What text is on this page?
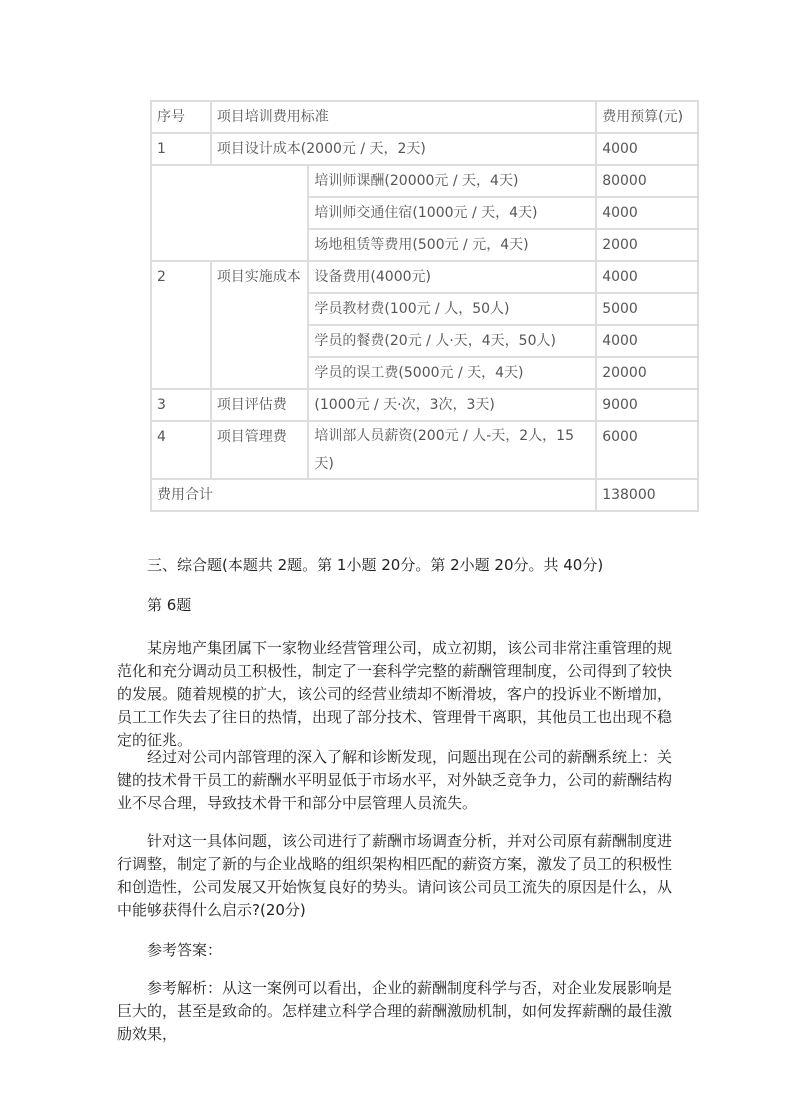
序号	项目培训费用标准		费用预算(元)
1	项目设计成本(2000元 / 天，2天)		4000
		培训师课酬(20000元 / 天，4天)	80000
		培训师交通住宿(1000元 / 天，4天)	4000
		场地租赁等费用(500元 / 元，4天)	2000
2	项目实施成本	设备费用(4000元)	4000
		学员教材费(100元 / 人，50人)	5000
		学员的餐费(20元 / 人·天，4天，50人)	4000
		学员的误工费(5000元 / 天，4天)	20000
3	项目评估费	(1000元 / 天·次，3次，3天)	9000
4	项目管理费	培训部人员薪资(200元 / 人-天，2人，15天)	6000
费用合计			138000
三、综合题(本题共 2题。第 1小题 20分。第 2小题 20分。共 40分)
第 6题
某房地产集团属下一家物业经营管理公司，成立初期，该公司非常注重管理的规范化和充分调动员工积极性，制定了一套科学完整的薪酬管理制度，公司得到了较快的发展。随着规模的扩大，该公司的经营业绩却不断滑坡，客户的投诉业不断增加，员工工作失去了往日的热情，出现了部分技术、管理骨干离职，其他员工也出现不稳定的征兆。
经过对公司内部管理的深入了解和诊断发现，问题出现在公司的薪酬系统上：关键的技术骨干员工的薪酬水平明显低于市场水平，对外缺乏竞争力，公司的薪酬结构业不尽合理，导致技术骨干和部分中层管理人员流失。
针对这一具体问题，该公司进行了薪酬市场调查分析，并对公司原有薪酬制度进行调整，制定了新的与企业战略的组织架构相匹配的薪资方案，激发了员工的积极性和创造性，公司发展又开始恢复良好的势头。请问该公司员工流失的原因是什么，从中能够获得什么启示?(20分)
参考答案：
参考解析：从这一案例可以看出，企业的薪酬制度科学与否，对企业发展影响是巨大的，甚至是致命的。怎样建立科学合理的薪酬激励机制，如何发挥薪酬的最佳激励效果，
